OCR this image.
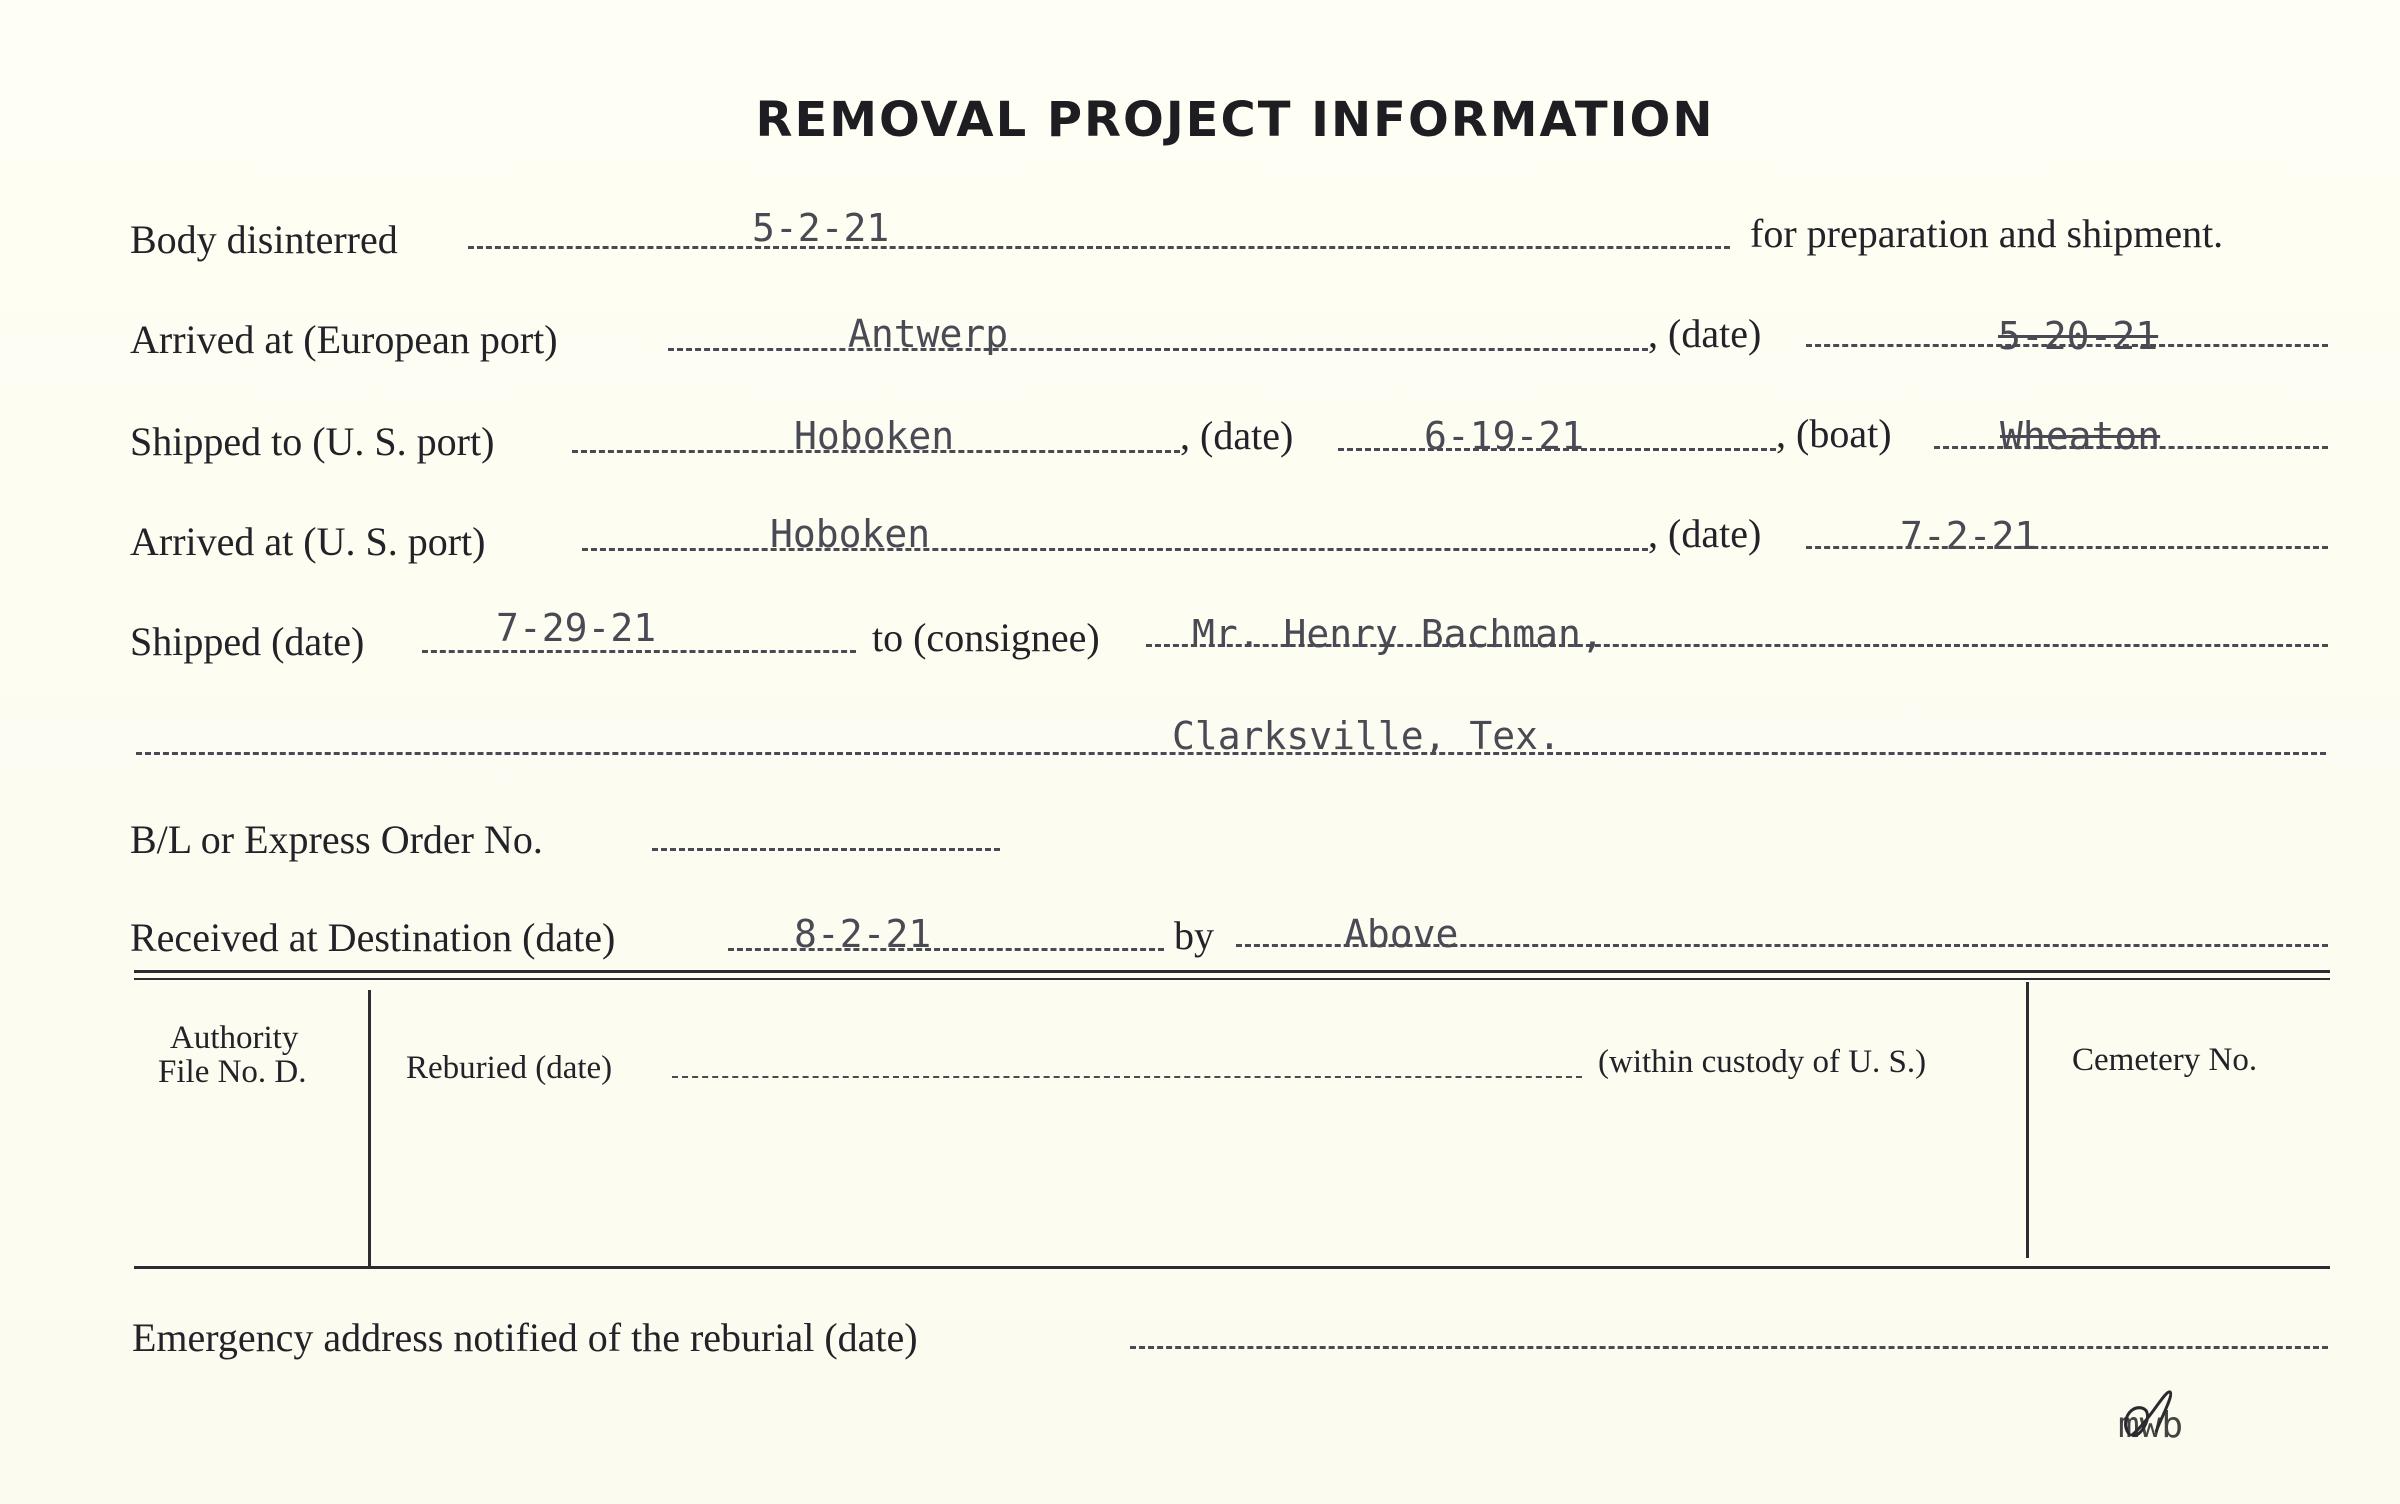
REMOVAL PROJECT INFORMATION
Body disinterred	5-2-21	for preparation and shipment.
Arrived at (European port)	Antwerp	, (date)	5-20-21
Shipped to (U. S. port)	Hoboken	, (date)	6-19-21	, (boat)	Wheaton
Arrived at (U. S. port)	Hoboken	, (date)	7-2-21
Shipped (date)	7-29-21	to (consignee) Mr. Henry Bachman,
Clarksville, Tex.
B/L or Express Order No.
Received at Destination (date)	8-2-21	by	Above
Authority
File No. D.	Reburied (date)	(within custody of U. S.)	Cemetery No.
Emergency address notified of the reburial (date)
mwb
